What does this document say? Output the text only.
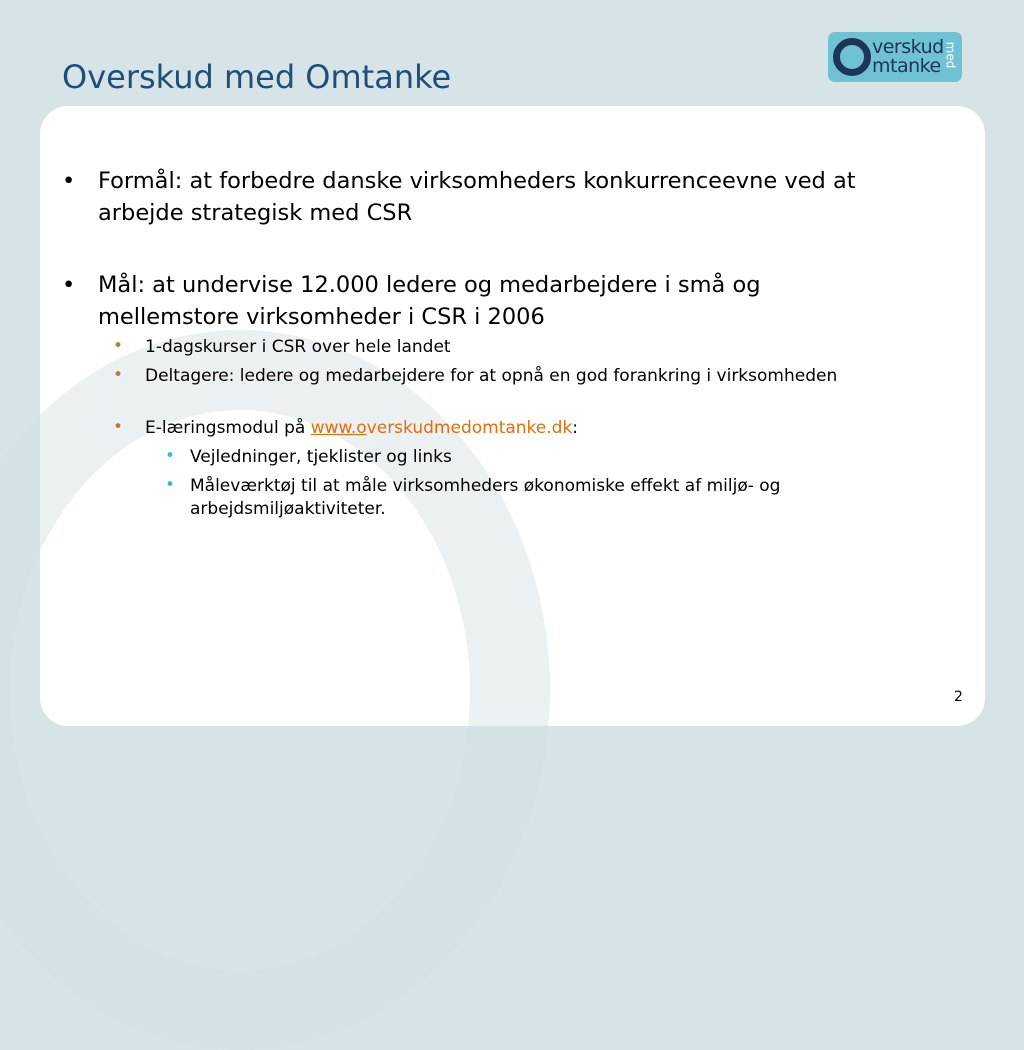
Overskud med Omtanke
verskud
mtanke med
• Formål: at forbedre danske virksomheders konkurrenceevne ved at arbejde strategisk med CSR
• Mål: at undervise 12.000 ledere og medarbejdere i små og mellemstore virksomheder i CSR i 2006
• 1-dagskurser i CSR over hele landet
• Deltagere: ledere og medarbejdere for at opnå en god forankring i virksomheden
• E-læringsmodul på www.overskudmedomtanke.dk:
• Vejledninger, tjeklister og links
• Måleværktøj til at måle virksomheders økonomiske effekt af miljø- og arbejdsmiljøaktiviteter.
2
